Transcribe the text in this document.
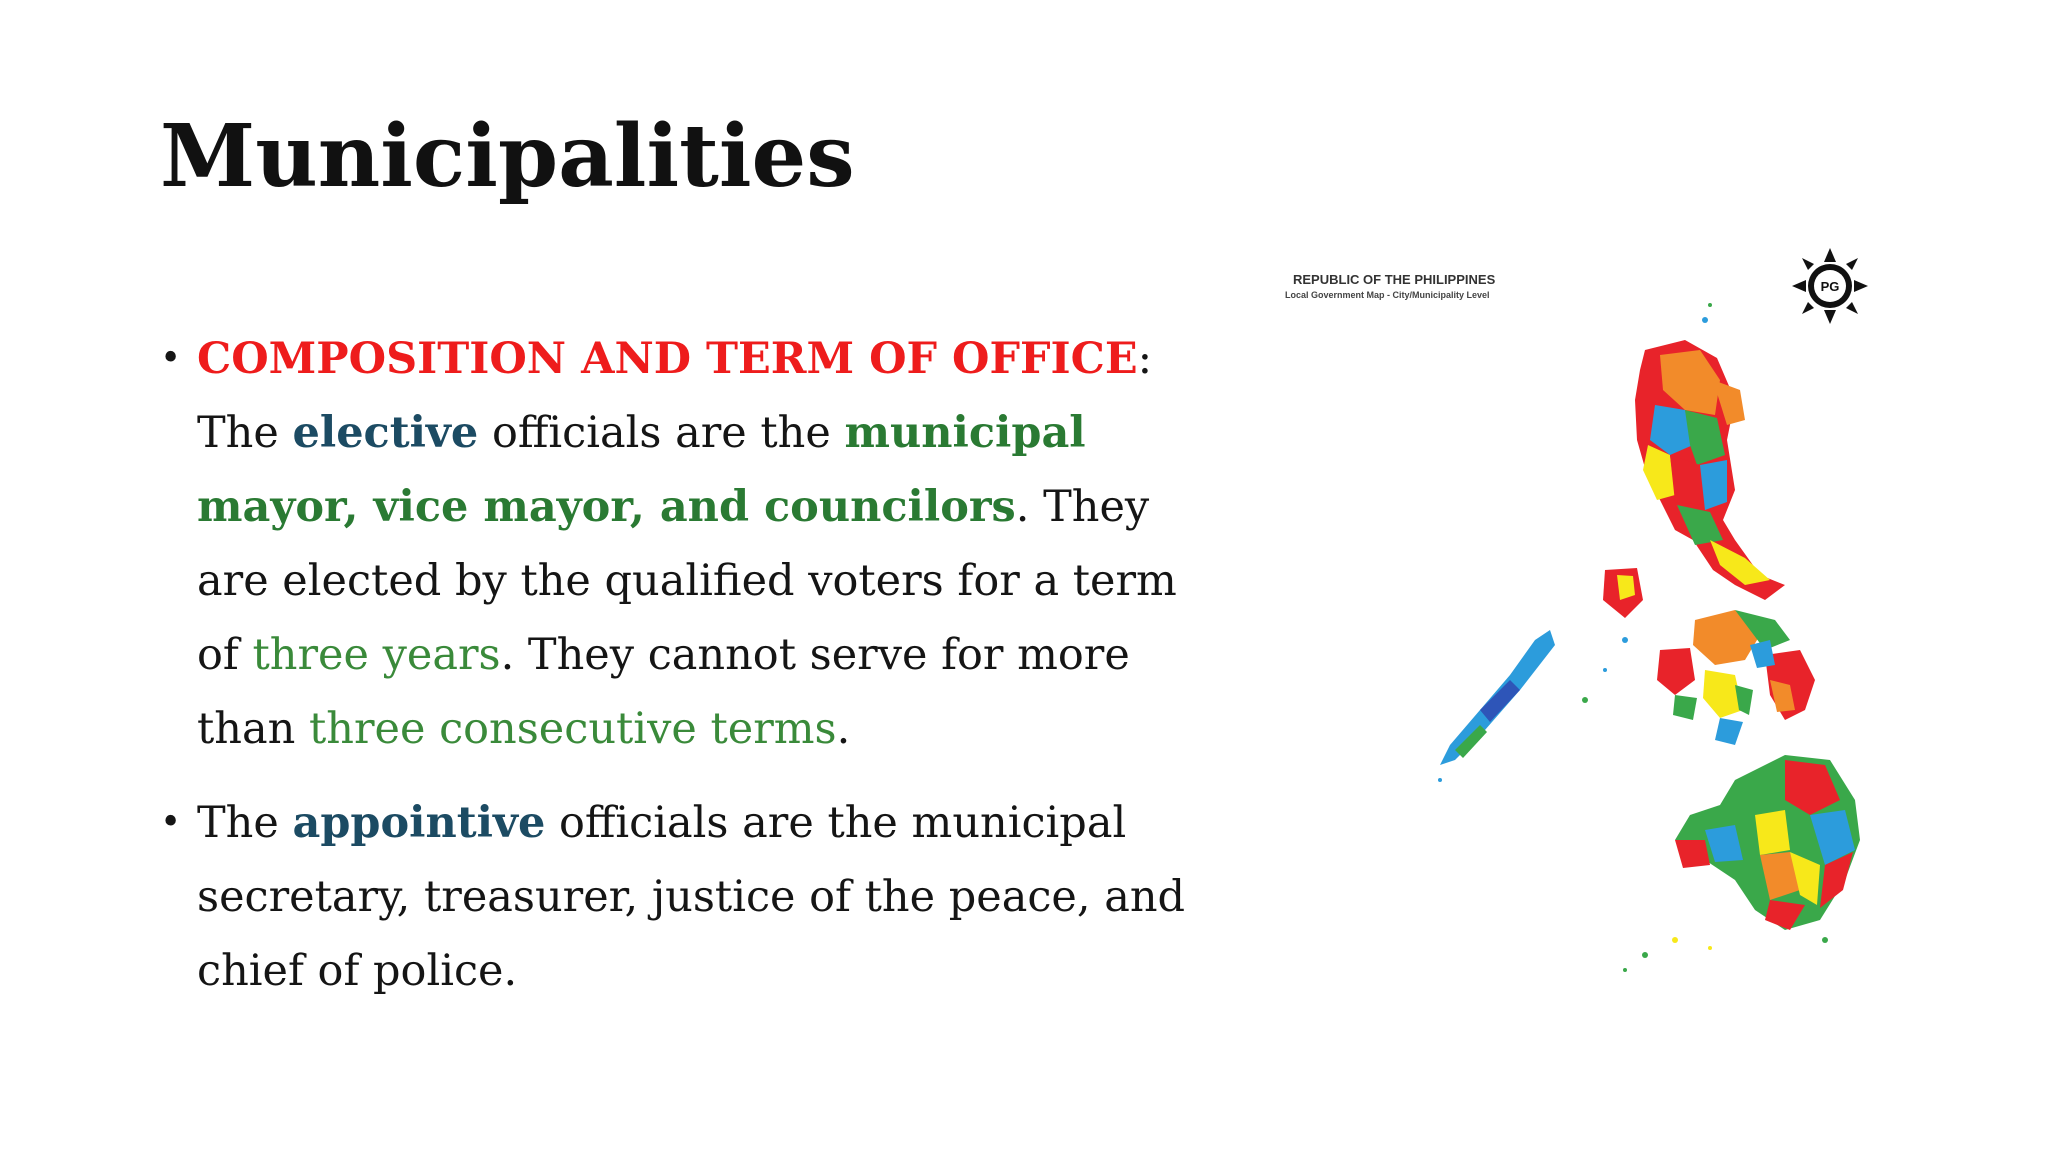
Municipalities
• COMPOSITION AND TERM OF OFFICE: The elective officials are the municipal mayor, vice mayor, and councilors. They are elected by the qualified voters for a term of three years. They cannot serve for more than three consecutive terms.
• The appointive officials are the municipal secretary, treasurer, justice of the peace, and chief of police.
REPUBLIC OF THE PHILIPPINES
Local Government Map - City/Municipality Level
PG
